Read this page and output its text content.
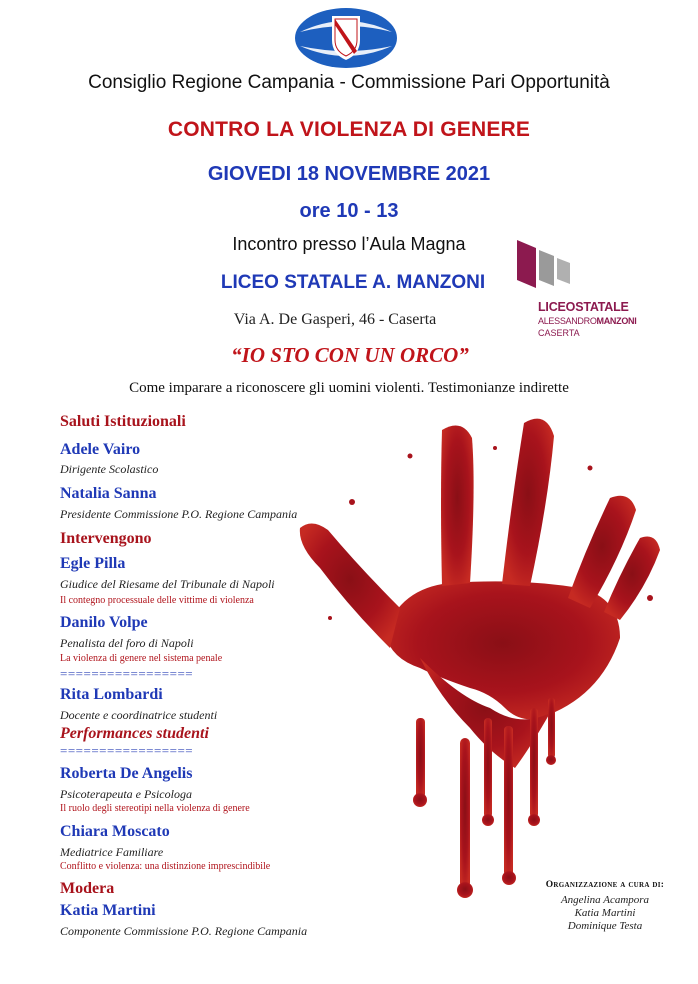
Consiglio Regione Campania - Commissione Pari Opportunità
CONTRO LA VIOLENZA DI GENERE
GIOVEDI 18 NOVEMBRE 2021
ore 10 - 13
Incontro presso l’Aula Magna
LICEO STATALE A. MANZONI
Via A. De Gasperi, 46 - Caserta
“IO STO CON UN ORCO”
Come imparare a riconoscere gli uomini violenti. Testimonianze indirette
LICEOSTATALE
ALESSANDROMANZONI
CASERTA
Saluti Istituzionali
Adele Vairo
Dirigente Scolastico
Natalia Sanna
Presidente Commissione P.O. Regione Campania
Intervengono
Egle Pilla
Giudice del Riesame del Tribunale di Napoli
Il contegno processuale delle vittime di violenza
Danilo Volpe
Penalista del foro di Napoli
La violenza di genere nel sistema penale
=================
Rita Lombardi
Docente e coordinatrice studenti
Performances studenti
=================
Roberta De Angelis
Psicoterapeuta e Psicologa
Il ruolo degli stereotipi nella violenza di genere
Chiara Moscato
Mediatrice Familiare
Conflitto e violenza: una distinzione imprescindibile
Modera
Katia Martini
Componente Commissione P.O. Regione Campania
Organizzazione a cura di:
Angelina Acampora
Katia Martini
Dominique Testa
